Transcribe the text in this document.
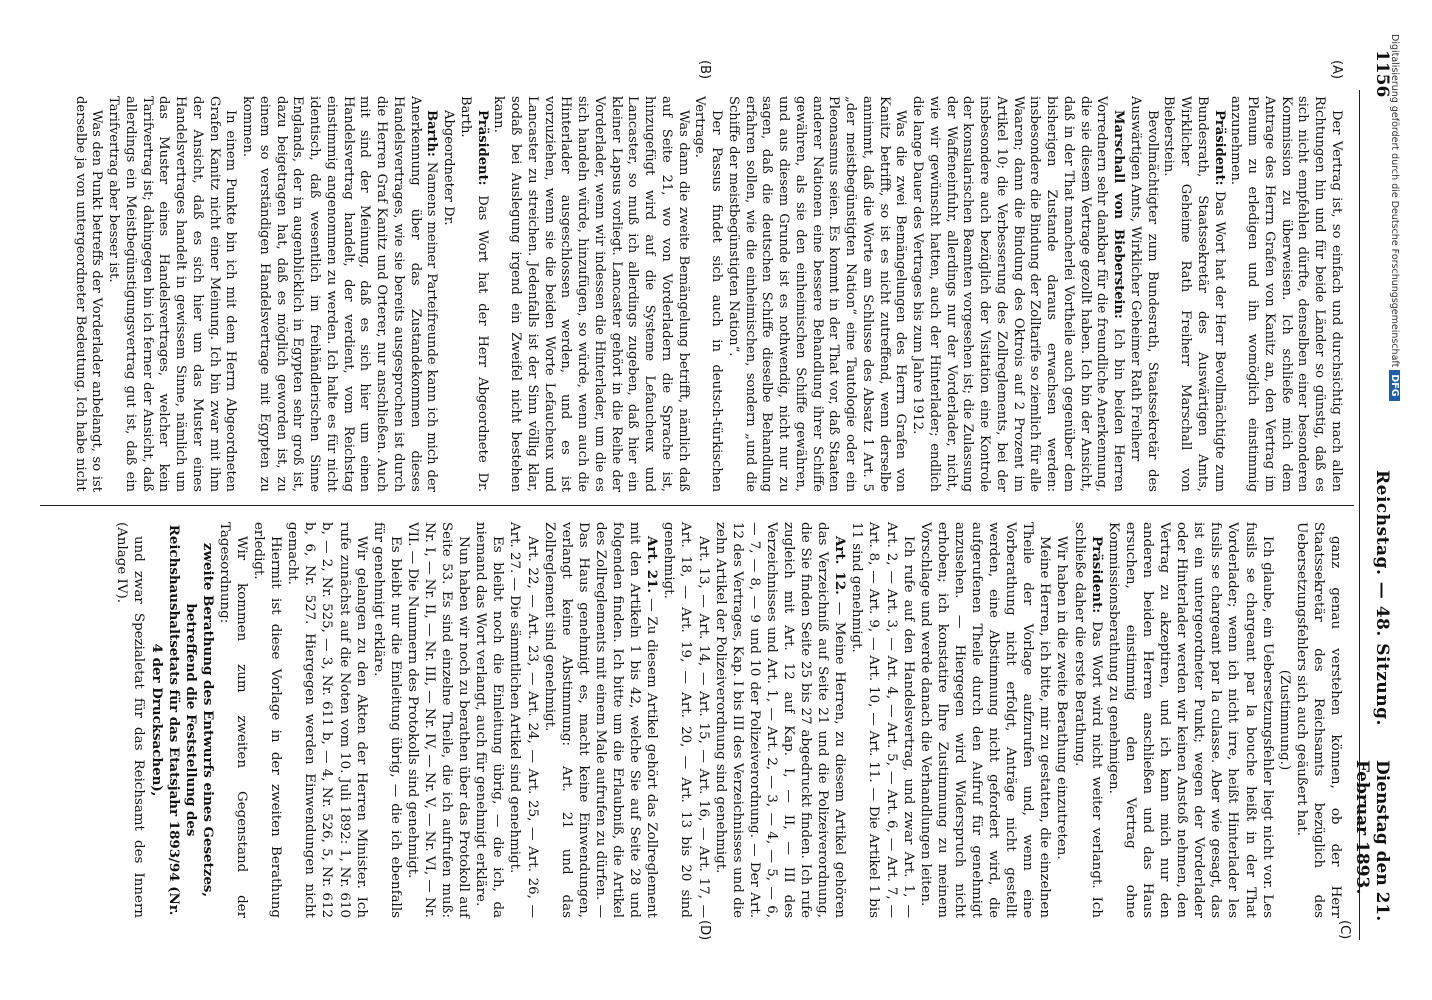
1156
Reichstag. — 48. Sitzung.
Dienstag den 21. Februar 1893.
(A)
(B)
(C)
(D)

Der Vertrag ist, so einfach und durchsichtig nach allen Richtungen hin und für beide Länder so günstig, daß es sich nicht empfehlen dürfte, denselben einer besonderen Kommission zu überweisen. Ich schließe mich dem Antrage des Herrn Grafen von Kanitz an, den Vertrag im Plenum zu erledigen und ihn womöglich einstimmig anzunehmen.

Präsident: Das Wort hat der Herr Bevollmächtigte zum Bundesrath, Staatssekretär des Auswärtigen Amts, Wirklicher Geheime Rath Freiherr Marschall von Bieberstein.

Bevollmächtigter zum Bundesrath, Staatssekretär des Auswärtigen Amts, Wirklicher Geheimer Rath Freiherr

Marschall von Bieberstein: Ich bin beiden Herren Vorrednern sehr dankbar für die freundliche Anerkennung, die sie diesem Vertrage gezollt haben. Ich bin der Ansicht, daß in der That mancherlei Vortheile auch gegenüber dem bisherigen Zustande daraus erwachsen werden: insbesondere die Bindung der Zolltarife so ziemlich für alle Waaren; dann die Bindung des Oktrois auf 2 Prozent im Artikel 10; die Verbesserung des Zollreglements, bei der insbesondere auch bezüglich der Visitation eine Kontrole der konsularischen Beamten vorgesehen ist; die Zulassung der Waffeneinfuhr, allerdings nur der Vorderlader, nicht, wie wir gewünscht hatten, auch der Hinterlader; endlich die lange Dauer des Vertrages bis zum Jahre 1912.

Was die zwei Bemängelungen des Herrn Grafen von Kanitz betrifft, so ist es nicht zutreffend, wenn derselbe annimmt, daß die Worte am Schlusse des Absatz 1 Art. 5 „der meistbegünstigten Nation“ eine Tautologie oder ein Pleonasmus seien. Es kommt in der That vor, daß Staaten anderer Nationen eine bessere Behandlung ihrer Schiffe gewähren, als sie den einheimischen Schiffe gewähren, und aus diesem Grunde ist es nothwendig, nicht nur zu sagen, daß die deutschen Schiffe dieselbe Behandlung erfahren sollen, wie die einheimischen, sondern „und die Schiffe der meistbegünstigten Nation“.

Der Passus findet sich auch in deutsch-türkischen Vertrage.

Was dann die zweite Bemängelung betrifft, nämlich daß auf Seite 21, wo von Vorderladern die Sprache ist, hinzugefügt wird auf die Systeme Lefaucheux und Lancaster, so muß ich allerdings zugeben, daß hier ein kleiner Lapsus vorliegt. Lancaster gehört in die Reihe der Vorderlader, wenn wir indessen die Hinterlader, um die es sich handeln würde, hinzufügen, so würde, wenn auch die Hinterlader ausgeschlossen werden, und es ist vorzuziehen, wenn sie die beiden Worte Lefaucheux und Lancaster zu streichen. Jedenfalls ist der Sinn völlig klar, sodaß bei Auslegung irgend ein Zweifel nicht bestehen kann.

Präsident: Das Wort hat der Herr Abgeordnete Dr. Barth.

Abgeordneter Dr.

Barth: Namens meiner Parteifreunde kann ich mich der Anerkennung über das Zustandekommen dieses Handelsvertrages, wie sie bereits ausgesprochen ist durch die Herren Graf Kanitz und Orterer, nur anschließen. Auch mit sind der Meinung, daß es sich hier um einen Handelsvertrag handelt, der verdient, vom Reichstag einstimmig angenommen zu werden. Ich halte es für nicht identisch, daß wesentlich im freihändlerischen Sinne Englands, der in augenblicklich in Egypten sehr groß ist, dazu beigetragen hat, daß es möglich geworden ist, zu einem so verständigen Handelsvertrage mit Egypten zu kommen.

In einem Punkte bin ich mit dem Herrn Abgeordneten Grafen Kanitz nicht einer Meinung. Ich bin zwar mit ihm der Ansicht, daß es sich hier um das Muster eines Handelsvertrages handelt in gewissem Sinne, nämlich um das Muster eines Handelsvertrages, welcher kein Tarifvertrag ist; dahingegen bin ich ferner der Ansicht, daß allerdings ein Meistbegünstigungsvertrag gut ist, daß ein Tarifvertrag aber besser ist.

Was den Punkt betreffs der Vorderlader anbelangt, so ist derselbe ja von untergeordneter Bedeutung. Ich habe nicht

ganz genau verstehen können, ob der Herr Staatssekretär des Reichsamts bezüglich des Uebersetzungsfehlers sich auch geäußert hat.

(Zustimmung.)

Ich glaube, ein Uebersetzungsfehler liegt nicht vor. Les fusils se chargeant par la bouche heißt in der That Vorderlader; wenn ich nicht irre, heißt Hinterlader les fusils se chargeant par la culasse. Aber wie gesagt, das ist ein untergeordneter Punkt; wegen der Vorderlader oder Hinterlader werden wir keinen Anstoß nehmen, den Vertrag zu akzeptiren, und ich kann mich nur den anderen beiden Herren anschließen und das Haus ersuchen, einstimmig den Vertrag ohne Kommissionsberathung zu genehmigen.

Präsident: Das Wort wird nicht weiter verlangt. Ich schließe daher die erste Berathung.

Wir haben in die zweite Berathung einzutreten.

Meine Herren, ich bitte, mir zu gestatten, die einzelnen Theile der Vorlage aufzurufen und, wenn eine Vorberathung nicht erfolgt, Anträge nicht gestellt werden, eine Abstimmung nicht gefordert wird, die aufgerufenen Theile durch den Aufruf für genehmigt anzusehen. — Hiergegen wird Widerspruch nicht erhoben; ich konstatire Ihre Zustimmung zu meinem Vorschlage und werde danach die Verhandlungen leiten.

Ich rufe auf den Handelsvertrag, und zwar Art. 1, — Art. 2, — Art. 3, — Art. 4, — Art. 5, — Art. 6, — Art. 7, — Art. 8, — Art. 9, — Art. 10, — Art. 11. — Die Artikel 1 bis 11 sind genehmigt.

Art. 12. — Meine Herren, zu diesem Artikel gehören das Verzeichniß auf Seite 21 und die Polizeiverordnung, die Sie finden Seite 25 bis 27 abgedruckt finden. Ich rufe zugleich mit Art. 12 auf Kap. I, — II, — III des Verzeichnisses und Art. 1, — Art. 2, — 3, — 4, — 5, — 6, — 7, — 8, — 9 und 10 der Polizeiverordnung. — Der Art. 12 des Vertrages, Kap. I bis III des Verzeichnisses und die zehn Artikel der Polizeiverordnung sind genehmigt.

Art. 13, — Art. 14, — Art. 15, — Art. 16, — Art. 17, — Art. 18, — Art. 19, — Art. 20, — Art. 13 bis 20 sind genehmigt.

Art. 21. — Zu diesem Artikel gehört das Zollreglement mit den Artikeln 1 bis 42, welche Sie auf Seite 28 und folgenden finden. Ich bitte um die Erlaubniß, die Artikel des Zollreglements mit einem Male aufrufen zu dürfen. — Das Haus genehmigt es, macht keine Einwendungen, verlangt keine Abstimmung: Art. 21 und das Zollreglement sind genehmigt.

Art. 22, — Art. 23, — Art. 24, — Art. 25, — Art. 26, — Art. 27. — Die sämmtlichen Artikel sind genehmigt.

Es bleibt noch die Einleitung übrig, — die ich, da niemand das Wort verlangt, auch für genehmigt erkläre.

Nun haben wir noch zu berathen über das Protokoll auf Seite 53. Es sind einzelne Theile, die ich aufrufen muß: Nr. I, — Nr. II, — Nr. III, — Nr. IV, — Nr. V, — Nr. VI, — Nr. VII. — Die Nummern des Protokolls sind genehmigt.

Es bleibt nur die Einleitung übrig, — die ich ebenfalls für genehmigt erkläre.

Wir gelangen zu den Akten der Herren Minister. Ich rufe zunächst auf die Noten vom 10. Juli 1892: 1, Nr. 610 b, — 2, Nr. 525, — 3, Nr. 611 b, — 4, Nr. 526, 5, Nr. 612 b, 6, Nr. 527. Hiergegen werden Einwendungen nicht gemacht.

Hiermit ist diese Vorlage in der zweiten Berathung erledigt.

Wir kommen zum zweiten Gegenstand der Tagesordnung:

zweite Berathung des Entwurfs eines Gesetzes, betreffend die Feststellung des Reichshaushaltsetats für das Etatsjahr 1893/94 (Nr. 4 der Drucksachen),

und zwar Spezialetat für das Reichsamt des Innern (Anlage IV).

Digitalisierung gefördert durch die Deutsche Forschungsgemeinschaft DFG
